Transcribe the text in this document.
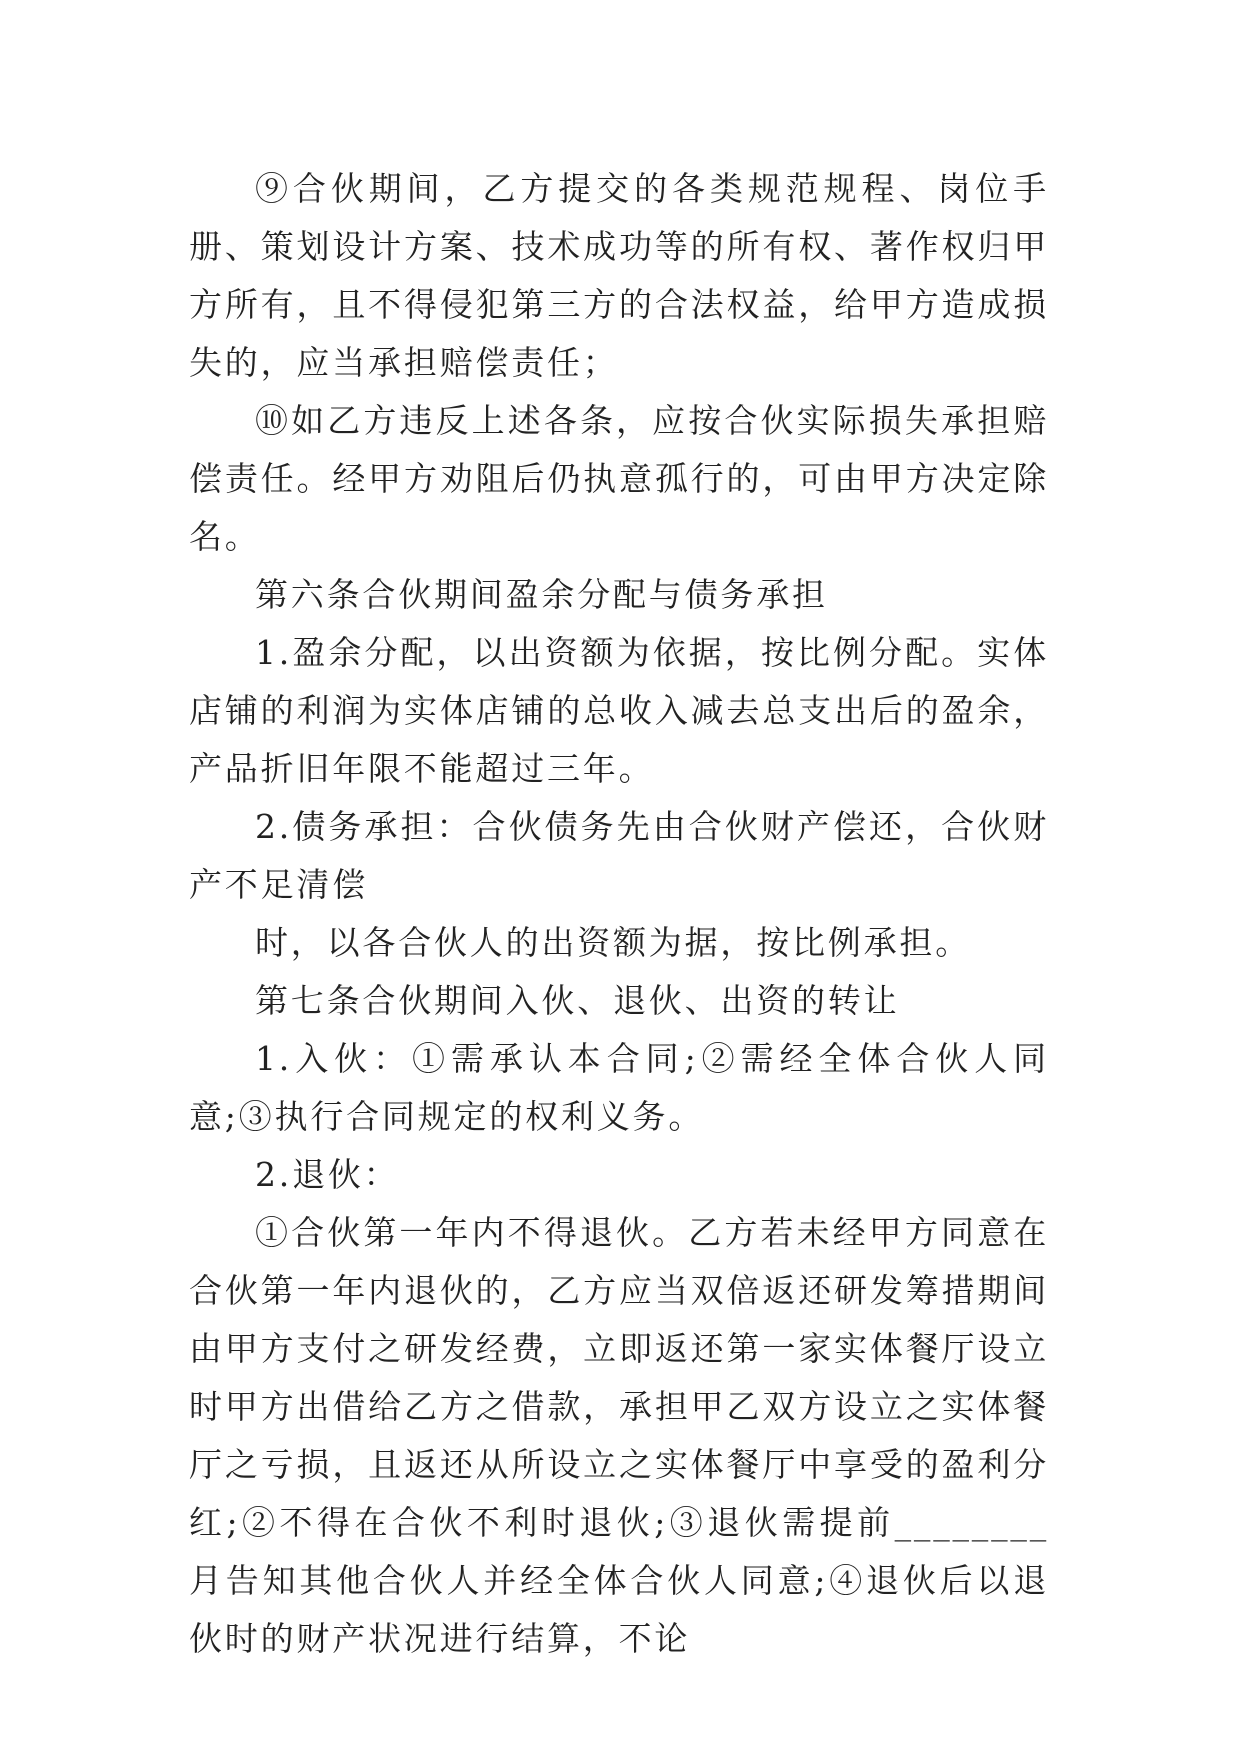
⑨合伙期间，乙方提交的各类规范规程、岗位手册、策划设计方案、技术成功等的所有权、著作权归甲方所有，且不得侵犯第三方的合法权益，给甲方造成损失的，应当承担赔偿责任；

⑩如乙方违反上述各条，应按合伙实际损失承担赔偿责任。经甲方劝阻后仍执意孤行的，可由甲方决定除名。

第六条合伙期间盈余分配与债务承担

1.盈余分配，以出资额为依据，按比例分配。实体店铺的利润为实体店铺的总收入减去总支出后的盈余，产品折旧年限不能超过三年。

2.债务承担：合伙债务先由合伙财产偿还，合伙财产不足清偿

时，以各合伙人的出资额为据，按比例承担。

第七条合伙期间入伙、退伙、出资的转让

1.入伙：①需承认本合同;②需经全体合伙人同意;③执行合同规定的权利义务。

2.退伙：

①合伙第一年内不得退伙。乙方若未经甲方同意在合伙第一年内退伙的，乙方应当双倍返还研发筹措期间由甲方支付之研发经费，立即返还第一家实体餐厅设立时甲方出借给乙方之借款，承担甲乙双方设立之实体餐厅之亏损，且返还从所设立之实体餐厅中享受的盈利分红;②不得在合伙不利时退伙;③退伙需提前________月告知其他合伙人并经全体合伙人同意;④退伙后以退伙时的财产状况进行结算，不论
